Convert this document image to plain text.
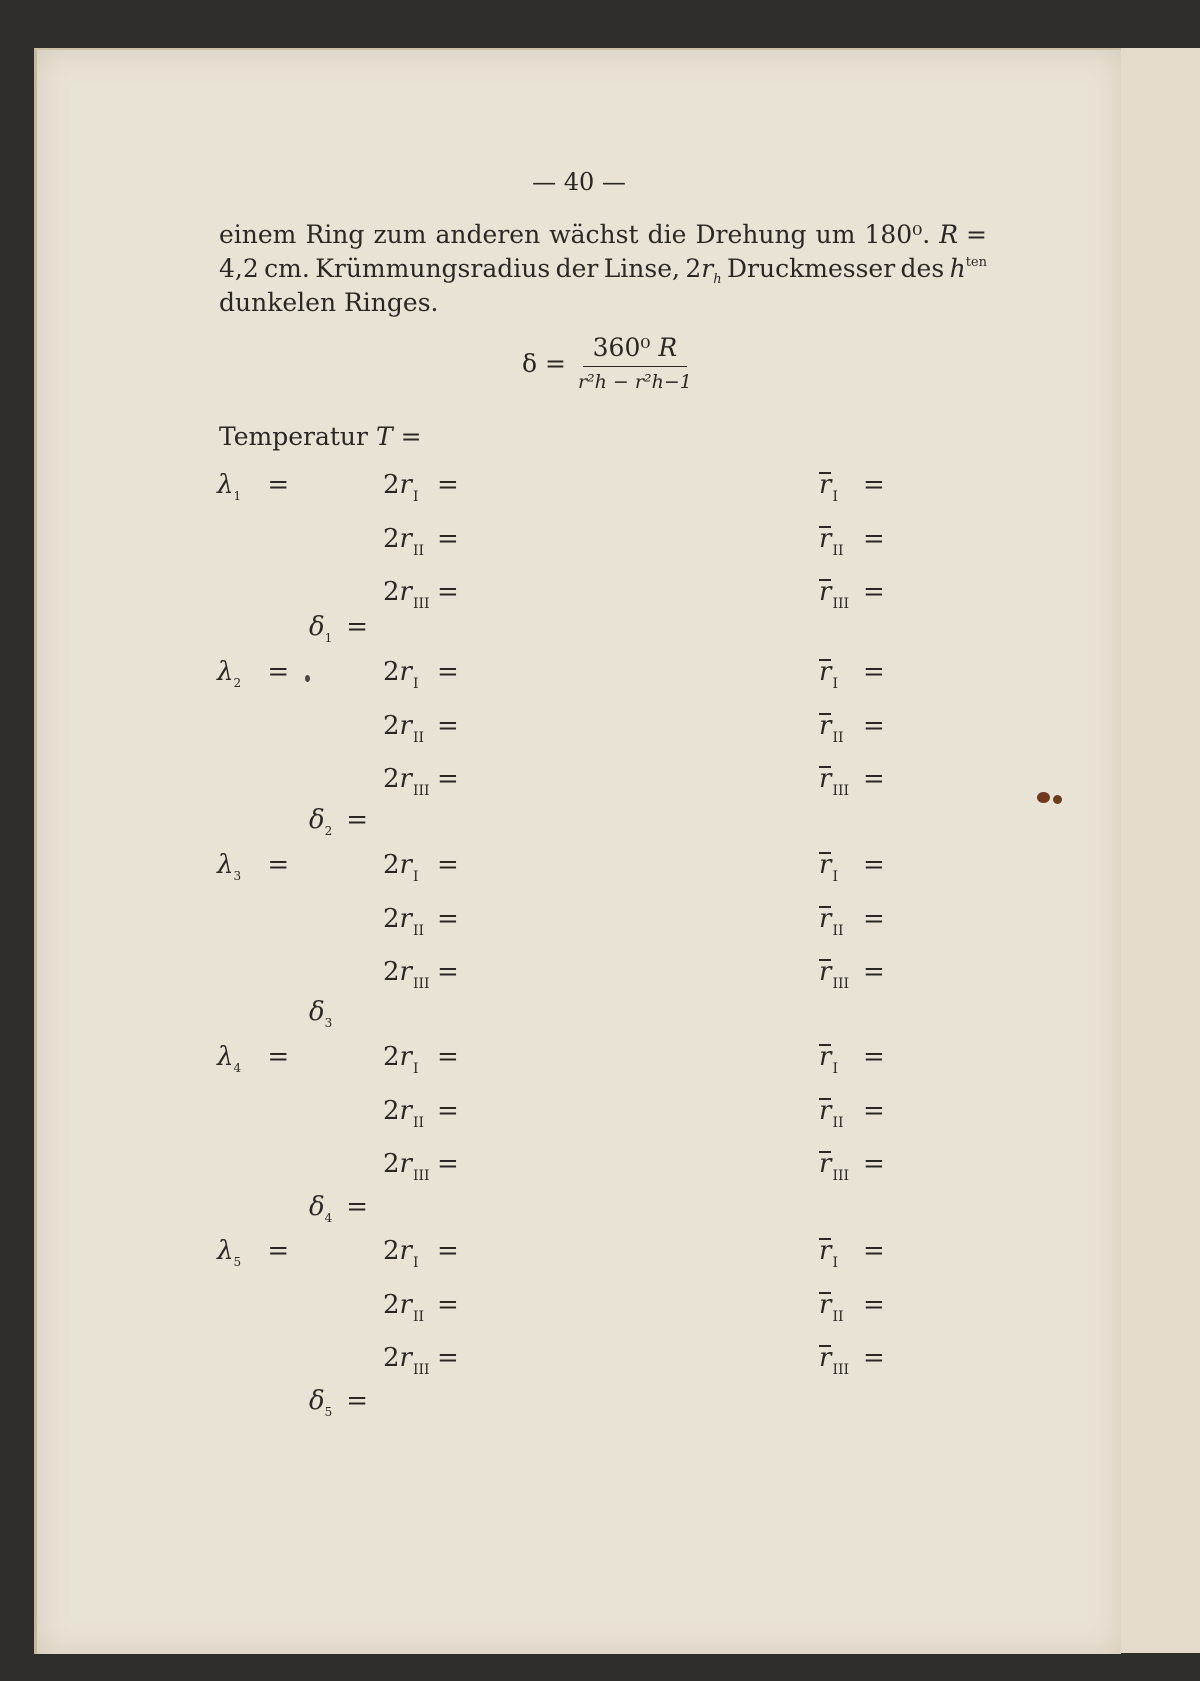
— 40 —
einem Ring zum anderen wächst die Drehung um 180⁰. R =
4,2 cm. Krümmungsradius der Linse, $2r_h$ Druckmesser des $h^{ten}$
dunkelen Ringes.
$\delta = \frac{\text{360⁰ R}}{\text{r²h − r²h−1}}$
Temperatur T =
$\lambda_1$ =	$2r_I$ =	$r_I$ =
$2r_{II}$ =	$r_{II}$ =
$2r_{III}$ =	$r_{III}$ =
$\delta_1$ =
$\lambda_2$ =	$2r_I$ =	$r_I$ =
$2r_{II}$ =	$r_{II}$ =
$2r_{III}$ =	$r_{III}$ =
$\delta_2$ =
$\lambda_3$ =	$2r_I$ =	$r_I$ =
$2r_{II}$ =	$r_{II}$ =
$2r_{III}$ =	$r_{III}$ =
$\delta_3$
$\lambda_4$ =	$2r_I$ =	$r_I$ =
$2r_{II}$ =	$r_{II}$ =
$2r_{III}$ =	$r_{III}$ =
$\delta_4$ =
$\lambda_5$ =	$2r_I$ =	$r_I$ =
$2r_{II}$ =	$r_{II}$ =
$2r_{III}$ =	$r_{III}$ =
$\delta_5$ =
